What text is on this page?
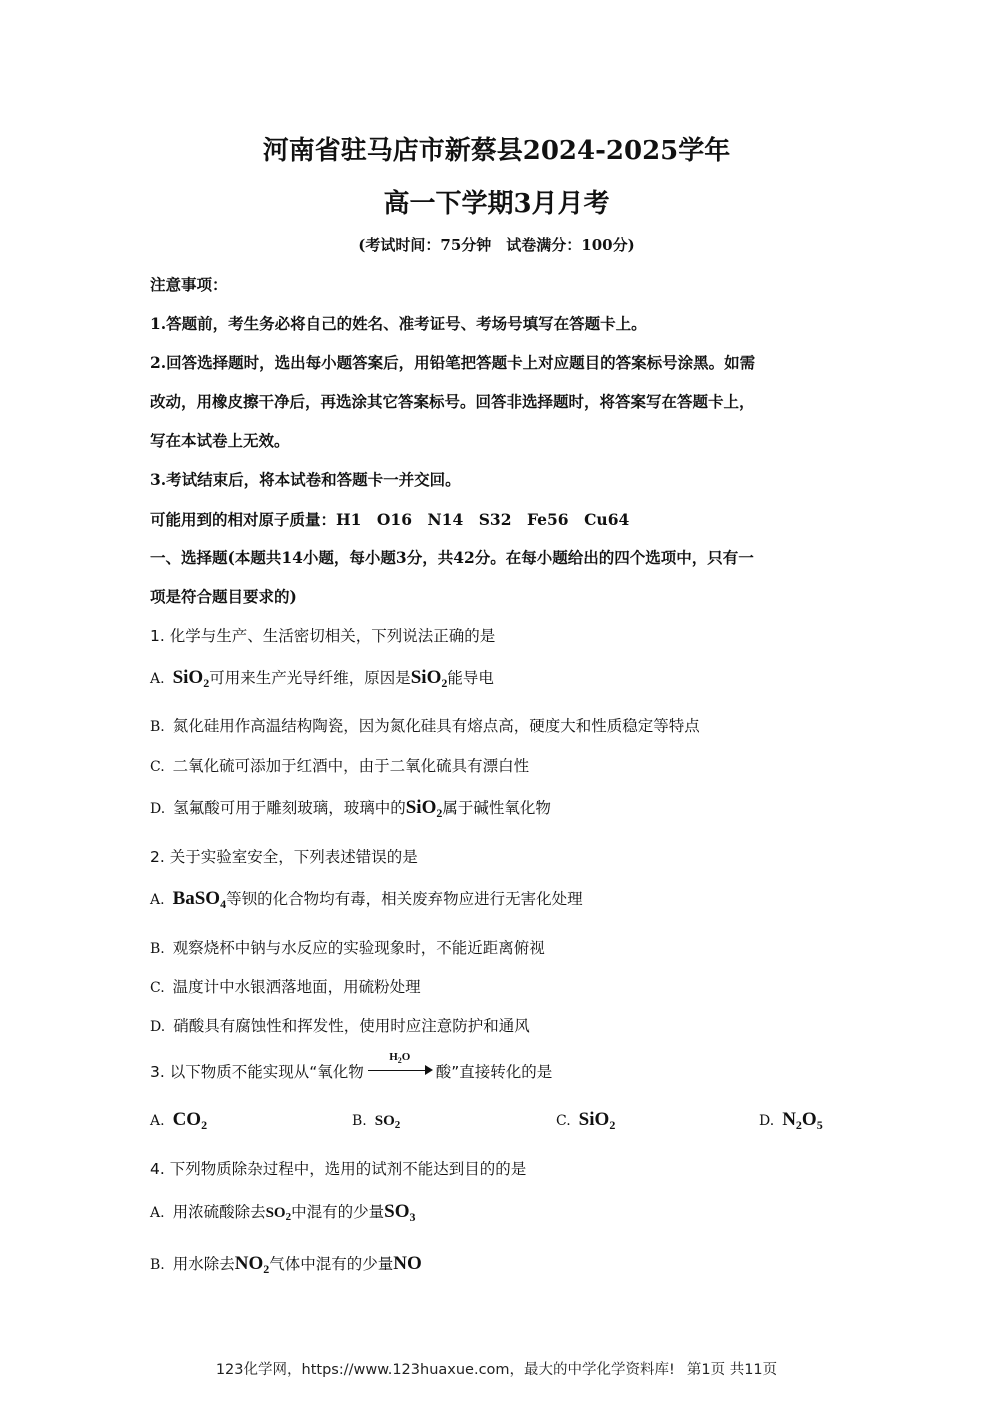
河南省驻马店市新蔡县2024-2025学年
高一下学期3月月考
(考试时间：75分钟　试卷满分：100分)
注意事项：
1.答题前，考生务必将自己的姓名、准考证号、考场号填写在答题卡上。
2.回答选择题时，选出每小题答案后，用铅笔把答题卡上对应题目的答案标号涂黑。如需
改动，用橡皮擦干净后，再选涂其它答案标号。回答非选择题时，将答案写在答题卡上，
写在本试卷上无效。
3.考试结束后，将本试卷和答题卡一并交回。
可能用到的相对原子质量：H1　O16　N14　S32　Fe56　Cu64
一、选择题(本题共14小题，每小题3分，共42分。在每小题给出的四个选项中，只有一
项是符合题目要求的)
1. 化学与生产、生活密切相关，下列说法正确的是
A. SiO$_2$可用来生产光导纤维，原因是SiO$_2$能导电
B. 氮化硅用作高温结构陶瓷，因为氮化硅具有熔点高，硬度大和性质稳定等特点
C. 二氧化硫可添加于红酒中，由于二氧化硫具有漂白性
D. 氢氟酸可用于雕刻玻璃，玻璃中的SiO$_2$属于碱性氧化物
2. 关于实验室安全，下列表述错误的是
A. BaSO$_4$等钡的化合物均有毒，相关废弃物应进行无害化处理
B. 观察烧杯中钠与水反应的实验现象时，不能近距离俯视
C. 温度计中水银洒落地面，用硫粉处理
D. 硝酸具有腐蚀性和挥发性，使用时应注意防护和通风
3. 以下物质不能实现从“氧化物
$H_2O$
酸”直接转化的是
A. $CO_2$	B. $SO_2$	C. SiO$_2$	D. $N_2O_5$
4. 下列物质除杂过程中，选用的试剂不能达到目的的是
A. 用浓硫酸除去$SO_2$中混有的少量$SO_3$
B. 用水除去$NO_2$气体中混有的少量NO
123化学网，https://www.123huaxue.com，最大的中学化学资料库! 第1页 共11页
